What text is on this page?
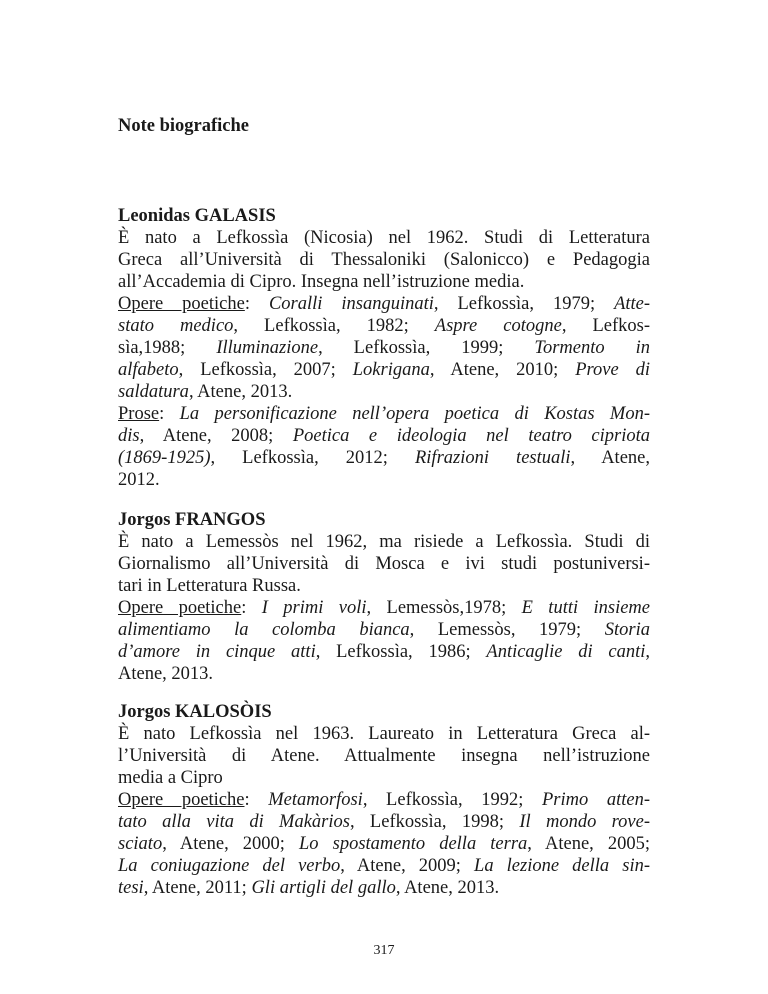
Note biografiche
Leonidas GALASIS
È nato a Lefkossìa (Nicosia) nel 1962. Studi di Letteratura
Greca all’Università di Thessaloniki (Salonicco) e Pedagogia
all’Accademia di Cipro. Insegna nell’istruzione media.
Opere poetiche: Coralli insanguinati, Lefkossìa, 1979; Atte-
stato medico, Lefkossìa, 1982; Aspre cotogne, Lefkos-
sìa,1988; Illuminazione, Lefkossìa, 1999; Tormento in
alfabeto, Lefkossìa, 2007; Lokrigana, Atene, 2010; Prove di
saldatura, Atene, 2013.
Prose: La personificazione nell’opera poetica di Kostas Mon-
dis, Atene, 2008; Poetica e ideologia nel teatro cipriota
(1869-1925), Lefkossìa, 2012; Rifrazioni testuali, Atene,
2012.
Jorgos FRANGOS
È nato a Lemessòs nel 1962, ma risiede a Lefkossìa. Studi di
Giornalismo all’Università di Mosca e ivi studi postuniversi-
tari in Letteratura Russa.
Opere poetiche: I primi voli, Lemessòs,1978; E tutti insieme
alimentiamo la colomba bianca, Lemessòs, 1979; Storia
d’amore in cinque atti, Lefkossìa, 1986; Anticaglie di canti,
Atene, 2013.
Jorgos KALOSÒIS
È nato Lefkossìa nel 1963. Laureato in Letteratura Greca al-
l’Università di Atene. Attualmente insegna nell’istruzione
media a Cipro
Opere poetiche: Metamorfosi, Lefkossìa, 1992; Primo atten-
tato alla vita di Makàrios, Lefkossìa, 1998; Il mondo rove-
sciato, Atene, 2000; Lo spostamento della terra, Atene, 2005;
La coniugazione del verbo, Atene, 2009; La lezione della sin-
tesi, Atene, 2011; Gli artigli del gallo, Atene, 2013.
317
